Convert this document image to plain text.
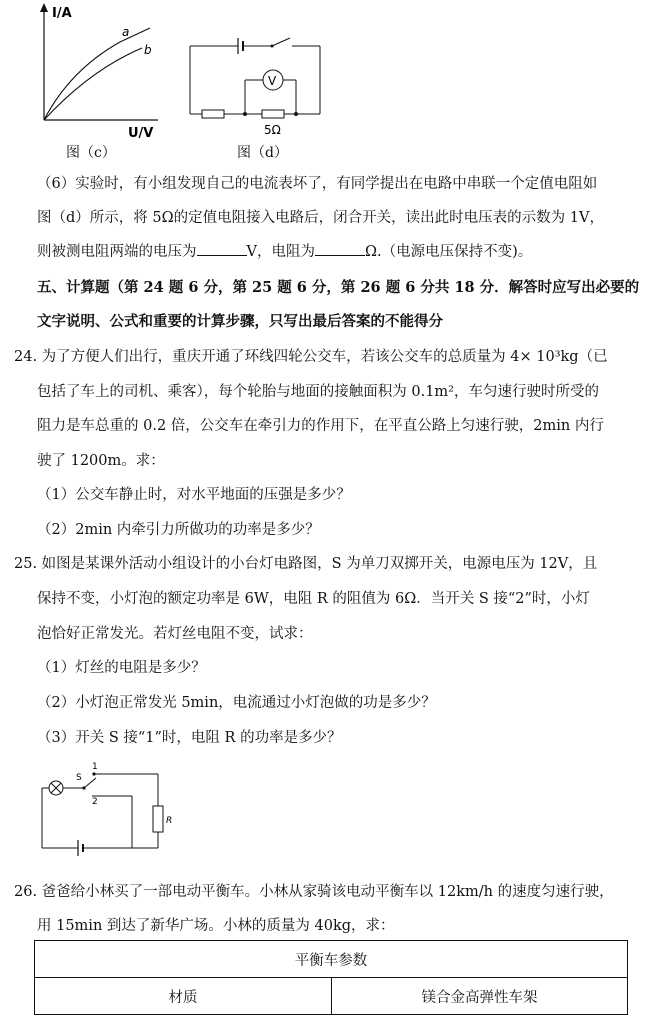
I/A
a
b
U/V
图（c）
V
5Ω
图（d）
（6）实验时，有小组发现自己的电流表坏了，有同学提出在电路中串联一个定值电阻如
图（d）所示，将 5Ω的定值电阻接入电路后，闭合开关，读出此时电压表的示数为 1V，
则被测电阻两端的电压为	V，电阻为	Ω.（电源电压保持不变)。
五、计算题（第 24 题 6 分，第 25 题 6 分，第 26 题 6 分共 18 分．解答时应写出必要的
文字说明、公式和重要的计算步骤，只写出最后答案的不能得分
24. 为了方便人们出行，重庆开通了环线四轮公交车，若该公交车的总质量为 4× 10³kg（已
包括了车上的司机、乘客），每个轮胎与地面的接触面积为 0.1m²，车匀速行驶时所受的
阻力是车总重的 0.2 倍，公交车在牵引力的作用下，在平直公路上匀速行驶，2min 内行
驶了 1200m。求：
（1）公交车静止时，对水平地面的压强是多少？
（2）2min 内牵引力所做功的功率是多少？
25. 如图是某课外活动小组设计的小台灯电路图，S 为单刀双掷开关，电源电压为 12V，且
保持不变，小灯泡的额定功率是 6W，电阻 R 的阻值为 6Ω．当开关 S 接“2”时，小灯
泡恰好正常发光。若灯丝电阻不变，试求：
（1）灯丝的电阻是多少？
（2）小灯泡正常发光 5min，电流通过小灯泡做的功是多少？
（3）开关 S 接“1”时，电阻 R 的功率是多少？
S
1
R
2
26. 爸爸给小林买了一部电动平衡车。小林从家骑该电动平衡车以 12km/h 的速度匀速行驶，
用 15min 到达了新华广场。小林的质量为 40kg，求：
平衡车参数
材质	镁合金高弹性车架
